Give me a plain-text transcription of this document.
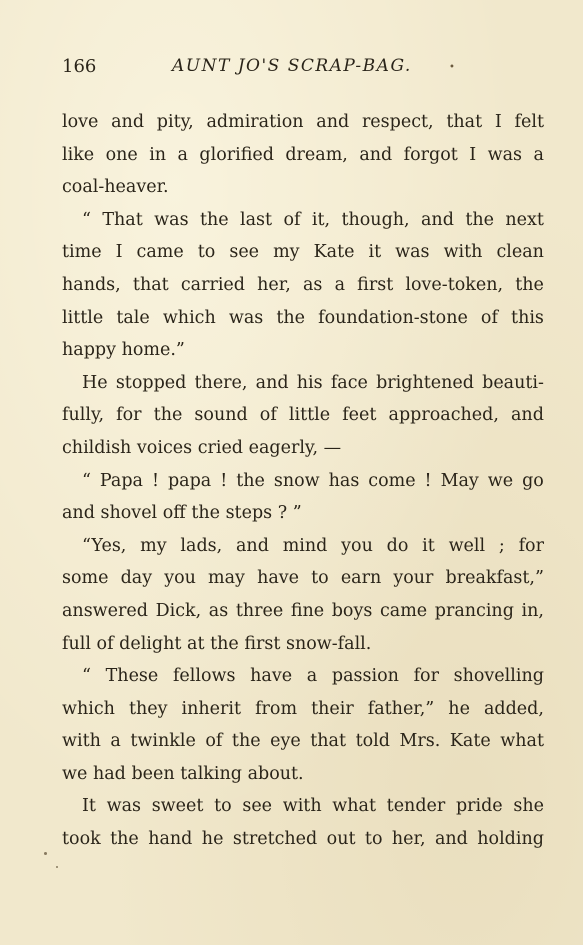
166	AUNT JO'S SCRAP-BAG.	•
love and pity, admiration and respect, that I felt
like one in a glorified dream, and forgot I was a
coal-heaver.
“ That was the last of it, though, and the next
time I came to see my Kate it was with clean
hands, that carried her, as a first love-token, the
little tale which was the foundation-stone of this
happy home.”
He stopped there, and his face brightened beauti-
fully, for the sound of little feet approached, and
childish voices cried eagerly, —
“ Papa ! papa ! the snow has come ! May we go
and shovel off the steps ? ”
“Yes, my lads, and mind you do it well ; for
some day you may have to earn your breakfast,”
answered Dick, as three fine boys came prancing in,
full of delight at the first snow-fall.
“ These fellows have a passion for shovelling
which they inherit from their father,” he added,
with a twinkle of the eye that told Mrs. Kate what
we had been talking about.
It was sweet to see with what tender pride she
took the hand he stretched out to her, and holding
